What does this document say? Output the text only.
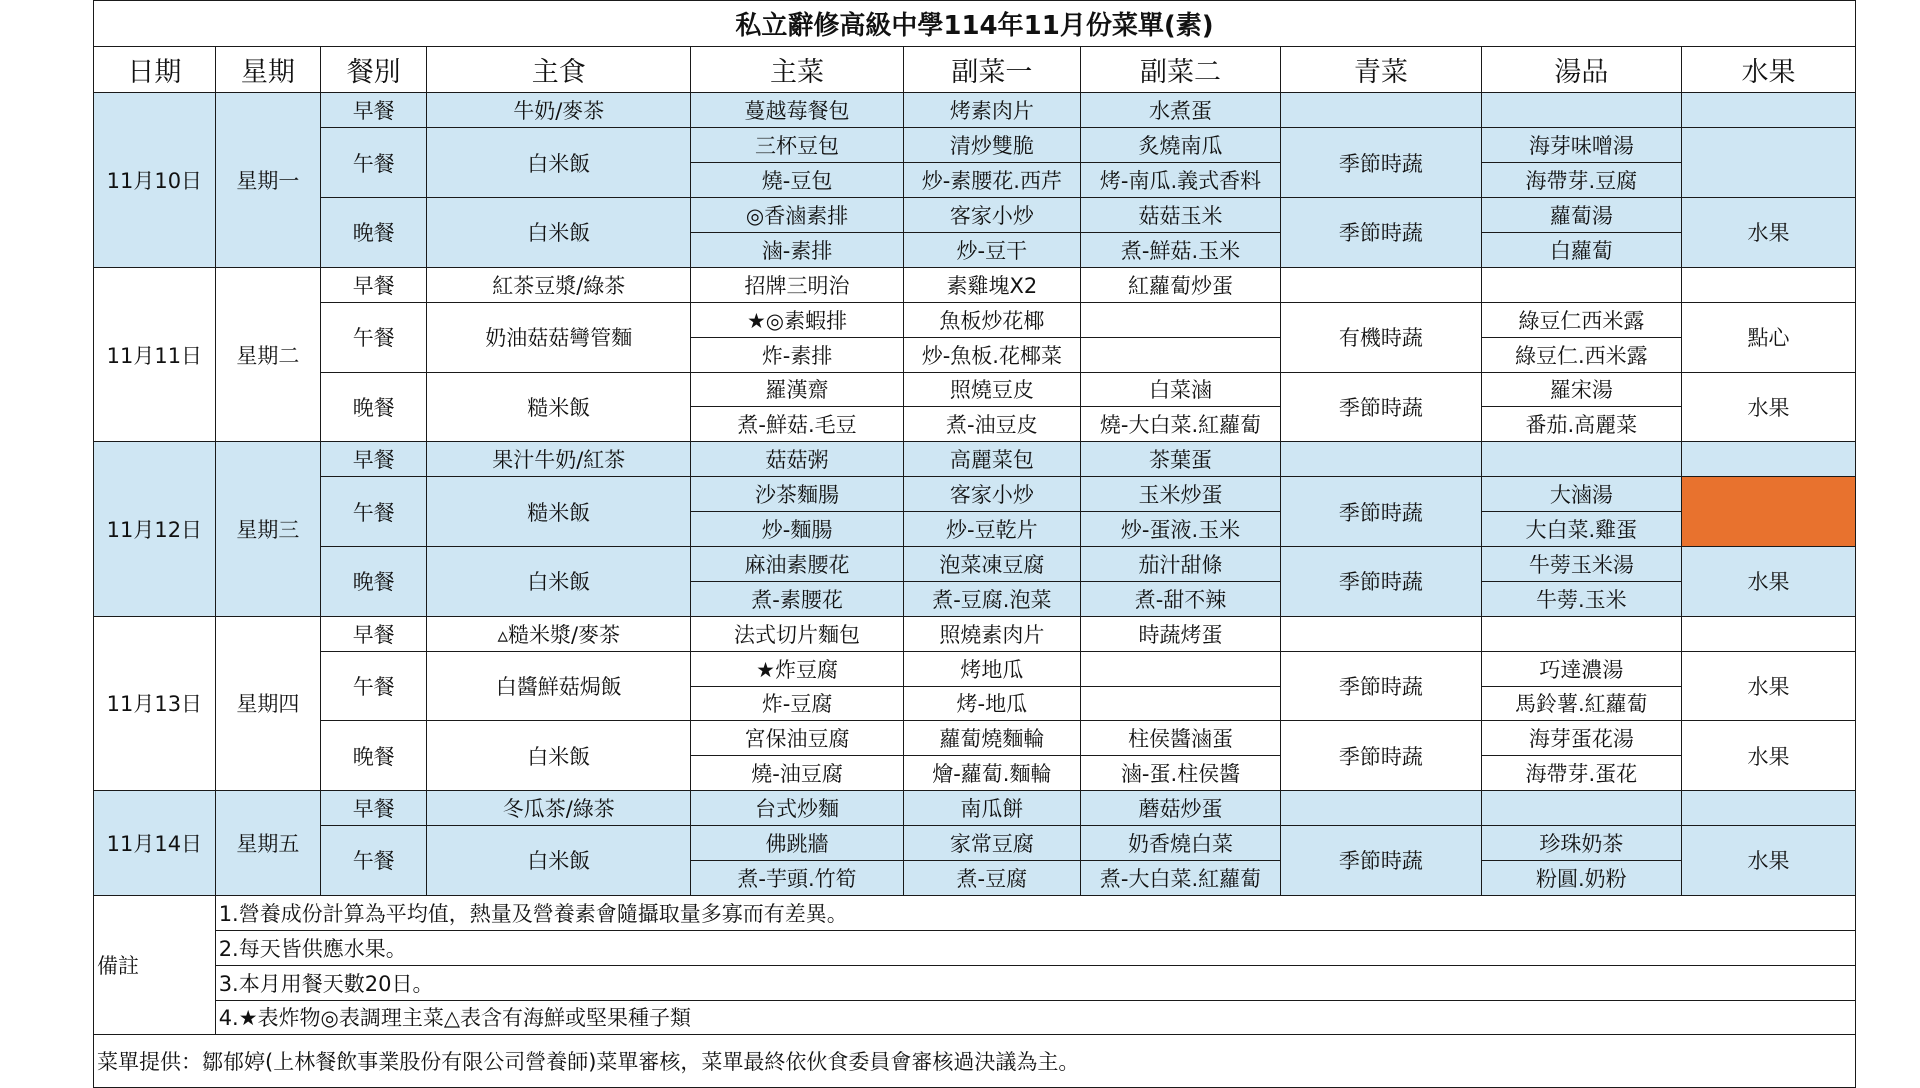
私立辭修高級中學114年11月份菜單(素)									
日期	星期	餐別	主食	主菜	副菜一	副菜二	青菜	湯品	水果
11月10日	星期一	早餐	牛奶/麥茶	蔓越莓餐包	烤素肉片	水煮蛋			
		午餐	白米飯	三杯豆包	清炒雙脆	炙燒南瓜	季節時蔬	海芽味噌湯	
				燒-豆包	炒-素腰花.西芹	烤-南瓜.義式香料		海帶芽.豆腐	
		晚餐	白米飯	◎香滷素排	客家小炒	菇菇玉米	季節時蔬	蘿蔔湯	水果
				滷-素排	炒-豆干	煮-鮮菇.玉米		白蘿蔔	
11月11日	星期二	早餐	紅茶豆漿/綠茶	招牌三明治	素雞塊X2	紅蘿蔔炒蛋			
		午餐	奶油菇菇彎管麵	★◎素蝦排	魚板炒花椰		有機時蔬	綠豆仁西米露	點心
				炸-素排	炒-魚板.花椰菜			綠豆仁.西米露	
		晚餐	糙米飯	羅漢齋	照燒豆皮	白菜滷	季節時蔬	羅宋湯	水果
				煮-鮮菇.毛豆	煮-油豆皮	燒-大白菜.紅蘿蔔		番茄.高麗菜	
11月12日	星期三	早餐	果汁牛奶/紅茶	菇菇粥	高麗菜包	茶葉蛋			
		午餐	糙米飯	沙茶麵腸	客家小炒	玉米炒蛋	季節時蔬	大滷湯	
				炒-麵腸	炒-豆乾片	炒-蛋液.玉米		大白菜.雞蛋	
		晚餐	白米飯	麻油素腰花	泡菜凍豆腐	茄汁甜條	季節時蔬	牛蒡玉米湯	水果
				煮-素腰花	煮-豆腐.泡菜	煮-甜不辣		牛蒡.玉米	
11月13日	星期四	早餐	▵糙米漿/麥茶	法式切片麵包	照燒素肉片	時蔬烤蛋			
		午餐	白醬鮮菇焗飯	★炸豆腐	烤地瓜		季節時蔬	巧達濃湯	水果
				炸-豆腐	烤-地瓜			馬鈴薯.紅蘿蔔	
		晚餐	白米飯	宮保油豆腐	蘿蔔燒麵輪	柱侯醬滷蛋	季節時蔬	海芽蛋花湯	水果
				燒-油豆腐	燴-蘿蔔.麵輪	滷-蛋.柱侯醬		海帶芽.蛋花	
11月14日	星期五	早餐	冬瓜茶/綠茶	台式炒麵	南瓜餅	蘑菇炒蛋			
		午餐	白米飯	佛跳牆	家常豆腐	奶香燒白菜	季節時蔬	珍珠奶茶	水果
				煮-芋頭.竹筍	煮-豆腐	煮-大白菜.紅蘿蔔		粉圓.奶粉	
備註	1.營養成份計算為平均值，熱量及營養素會隨攝取量多寡而有差異。								
	2.每天皆供應水果。								
	3.本月用餐天數20日。								
	4.★表炸物◎表調理主菜△表含有海鮮或堅果種子類								
菜單提供：鄒郁婷(上林餐飲事業股份有限公司營養師)菜單審核，菜單最終依伙食委員會審核過決議為主。									
